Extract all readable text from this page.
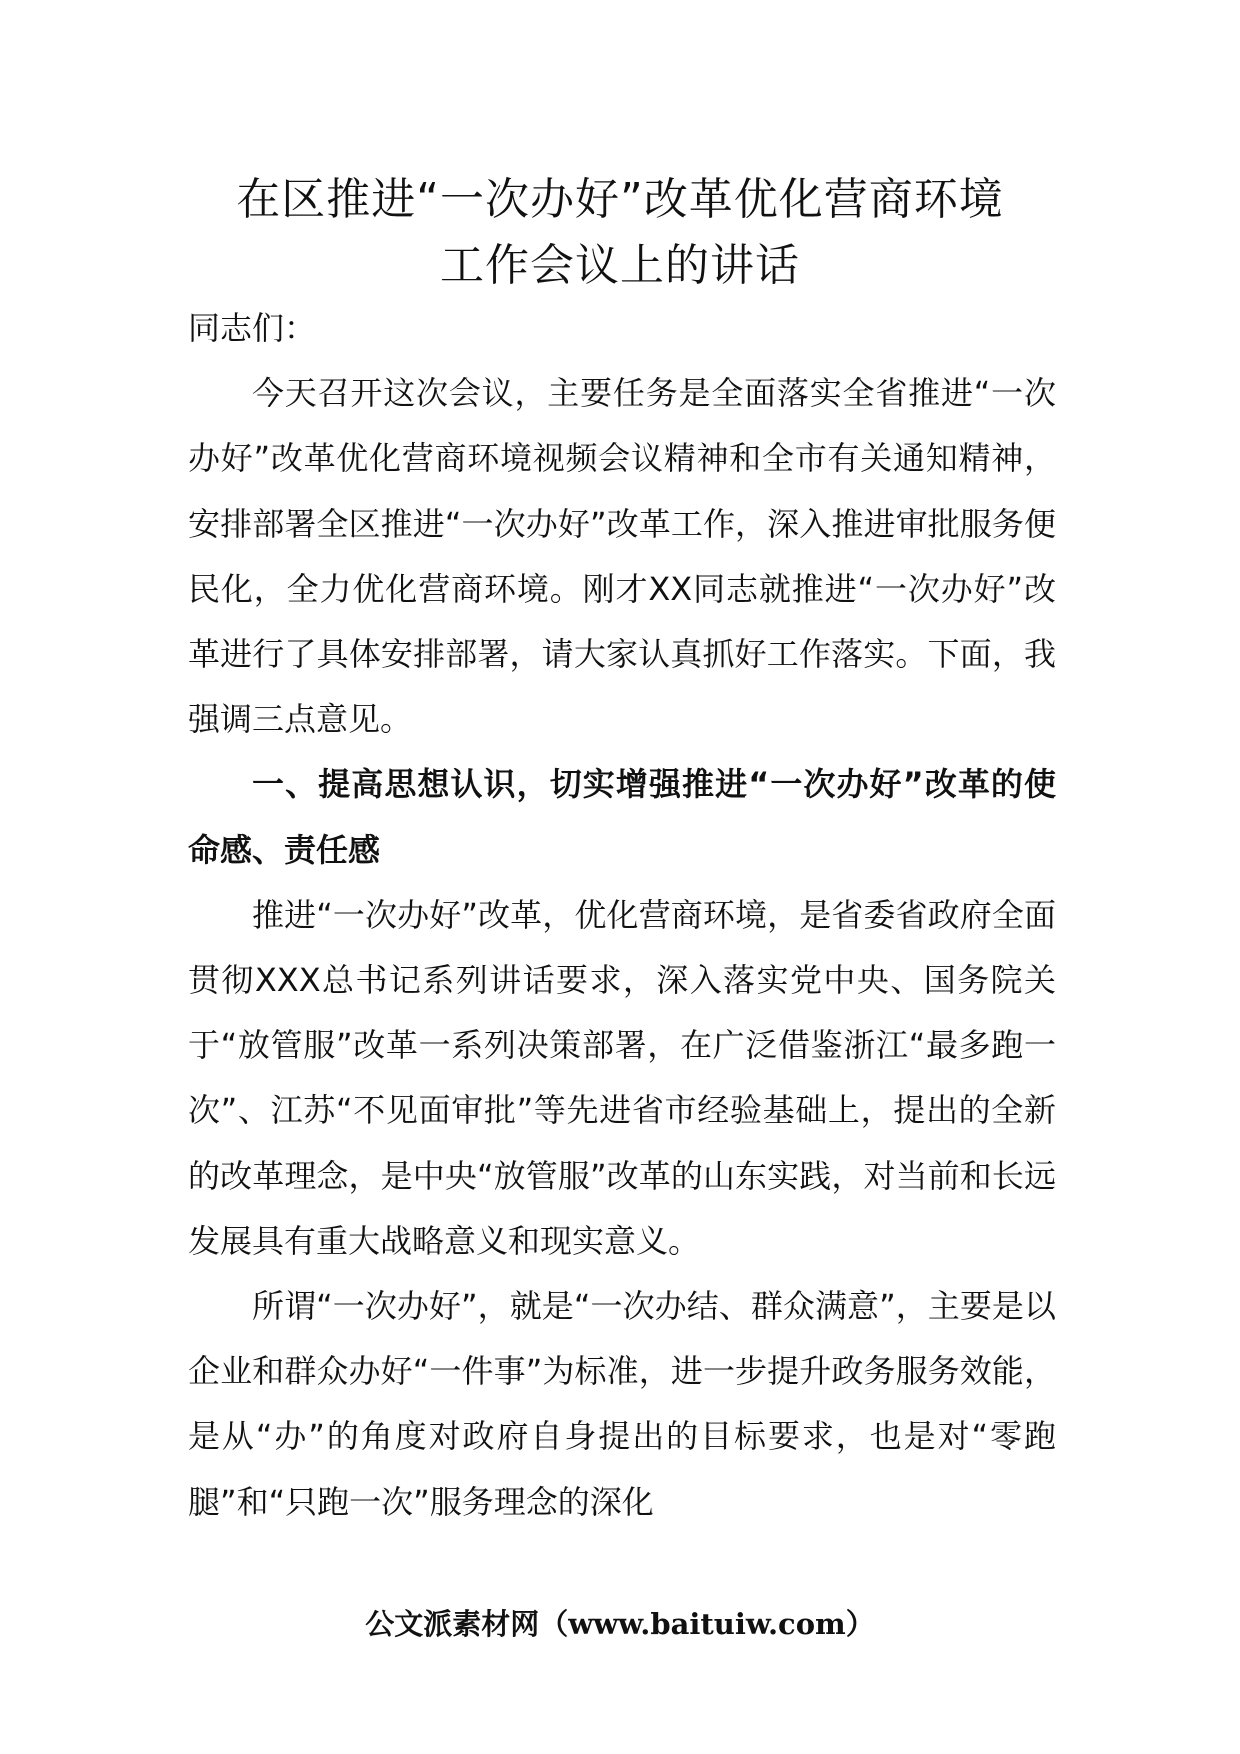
在区推进“一次办好”改革优化营商环境
工作会议上的讲话

同志们：

今天召开这次会议，主要任务是全面落实全省推进“一次办好”改革优化营商环境视频会议精神和全市有关通知精神，安排部署全区推进“一次办好”改革工作，深入推进审批服务便民化，全力优化营商环境。刚才XX同志就推进“一次办好”改革进行了具体安排部署，请大家认真抓好工作落实。下面，我强调三点意见。

一、提高思想认识，切实增强推进“一次办好”改革的使命感、责任感

推进“一次办好”改革，优化营商环境，是省委省政府全面贯彻XXX总书记系列讲话要求，深入落实党中央、国务院关于“放管服”改革一系列决策部署，在广泛借鉴浙江“最多跑一次”、江苏“不见面审批”等先进省市经验基础上，提出的全新的改革理念，是中央“放管服”改革的山东实践，对当前和长远发展具有重大战略意义和现实意义。

所谓“一次办好”，就是“一次办结、群众满意”，主要是以企业和群众办好“一件事”为标准，进一步提升政务服务效能，是从“办”的角度对政府自身提出的目标要求，也是对“零跑腿”和“只跑一次”服务理念的深化

公文派素材网（www.baituiw.com）
